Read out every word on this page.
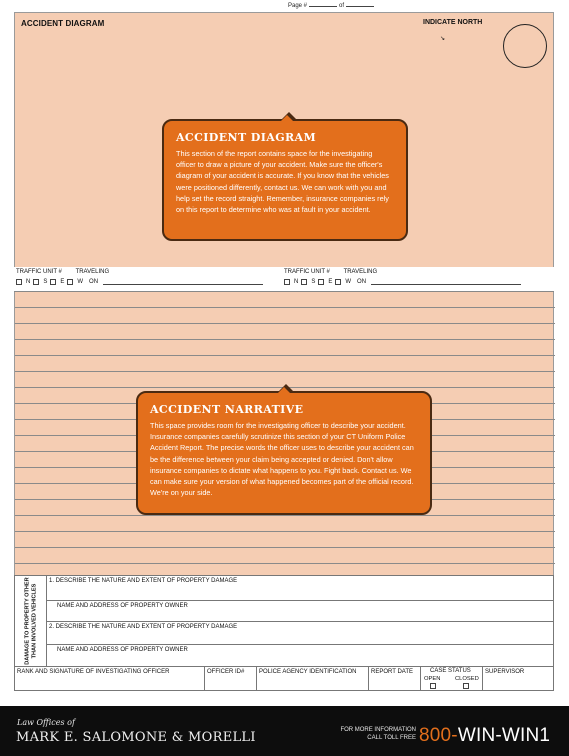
Page #	of
ACCIDENT DIAGRAM	INDICATE NORTH
↘
ACCIDENT DIAGRAM

This section of the report contains space for the investigating officer to draw a picture of your accident. Make sure the officer's diagram of your accident is accurate. If you know that the vehicles were positioned differently, contact us. We can work with you and help set the record straight. Remember, insurance companies rely on this report to determine who was at fault in your accident.

TRAFFIC UNIT # TRAVELING
N S E W ON
TRAFFIC UNIT # TRAVELING
N S E W ON
ACCIDENT NARRATIVE

This space provides room for the investigating officer to describe your accident. Insurance companies carefully scrutinize this section of your CT Uniform Police Accident Report. The precise words the officer uses to describe your accident can be the difference between your claim being accepted or denied. Don't allow insurance companies to dictate what happens to you. Fight back. Contact us. We can make sure your version of what happened becomes part of the official record. We're on your side.

DAMAGE TO PROPERTY OTHER THAN INVOLVED VEHICLES
1. DESCRIBE THE NATURE AND EXTENT OF PROPERTY DAMAGE
NAME AND ADDRESS OF PROPERTY OWNER
2. DESCRIBE THE NATURE AND EXTENT OF PROPERTY DAMAGE
NAME AND ADDRESS OF PROPERTY OWNER
RANK AND SIGNATURE OF INVESTIGATING OFFICER	OFFICER ID#	POLICE AGENCY IDENTIFICATION	REPORT DATE	CASE STATUS
OPEN	CLOSED
SUPERVISOR
Law Offices of
MARK E. SALOMONE & MORELLI	FOR MORE INFORMATION
CALL TOLL FREE 800-WIN-WIN1
